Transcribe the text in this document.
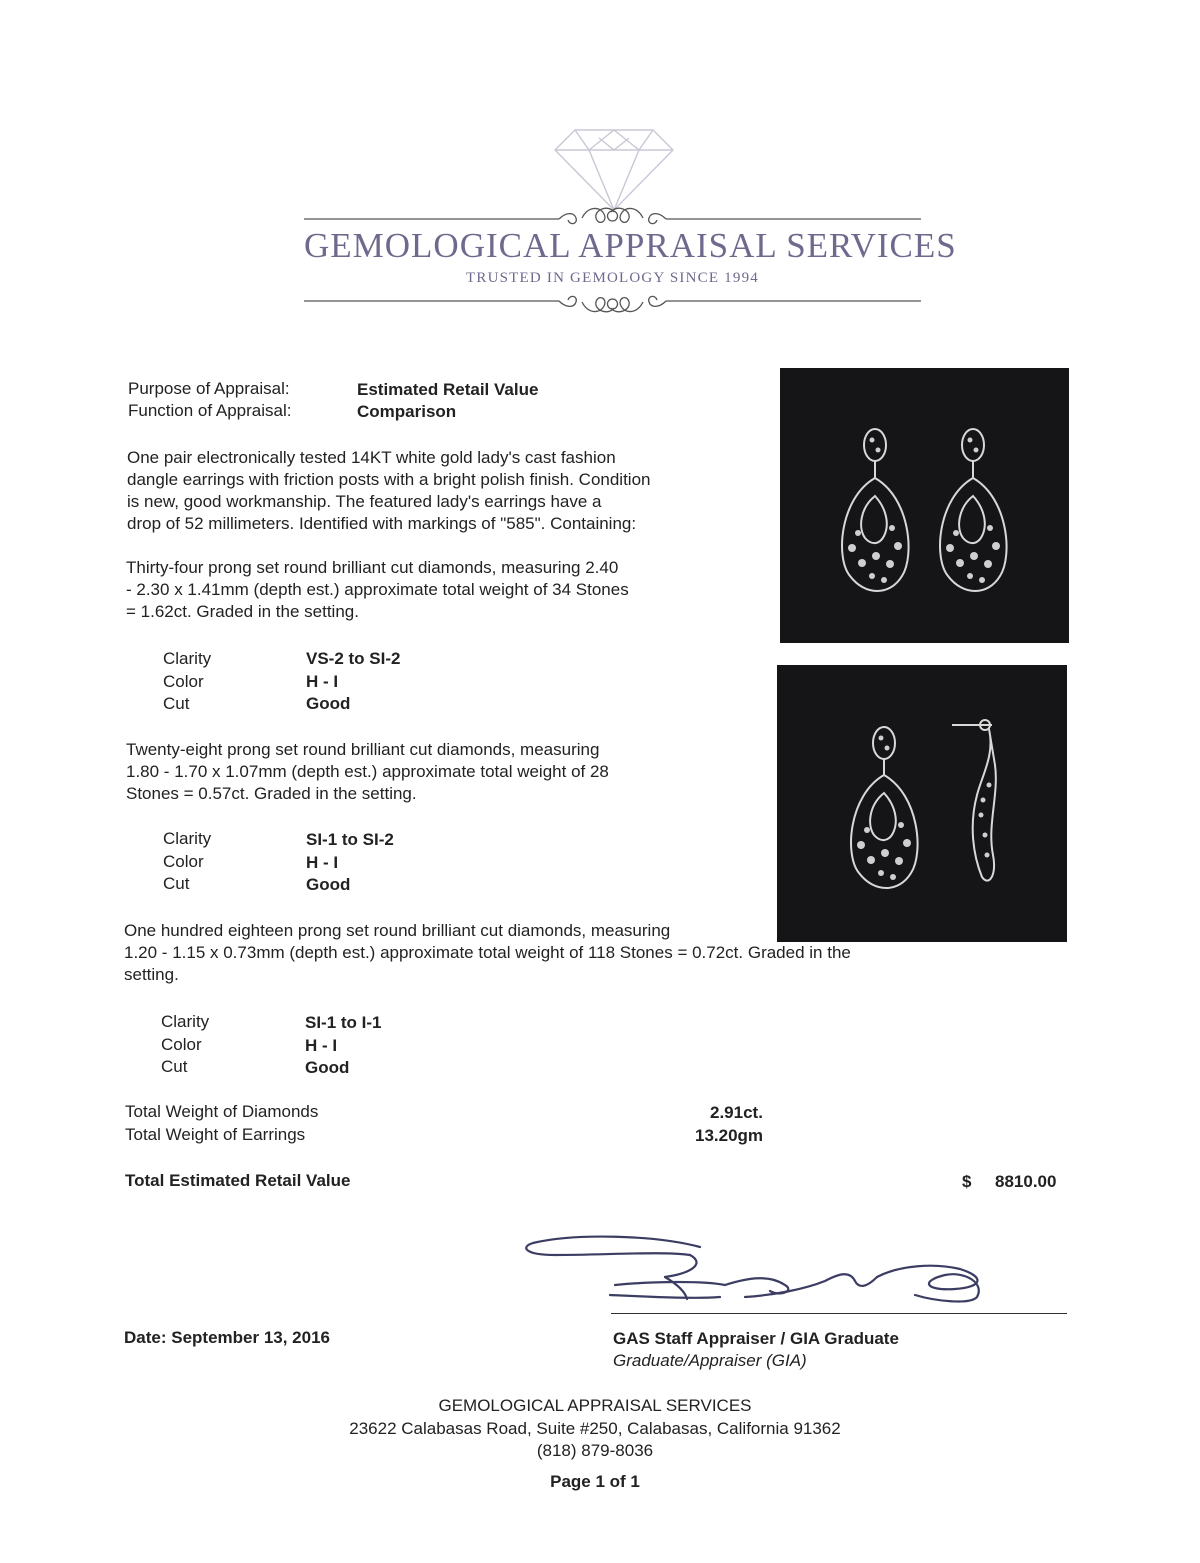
GEMOLOGICAL APPRAISAL SERVICES
TRUSTED IN GEMOLOGY SINCE 1994
Purpose of Appraisal:
Function of Appraisal:
Estimated Retail Value
Comparison
One pair electronically tested 14KT white gold lady's cast fashion
dangle earrings with friction posts with a bright polish finish. Condition
is new, good workmanship. The featured lady's earrings have a
drop of 52 millimeters. Identified with markings of "585". Containing:
Thirty-four prong set round brilliant cut diamonds, measuring 2.40
- 2.30 x 1.41mm (depth est.) approximate total weight of 34 Stones
= 1.62ct. Graded in the setting.
Clarity
Color
Cut
VS-2 to SI-2
H - I
Good
Twenty-eight prong set round brilliant cut diamonds, measuring
1.80 - 1.70 x 1.07mm (depth est.) approximate total weight of 28
Stones = 0.57ct. Graded in the setting.
Clarity
Color
Cut
SI-1 to SI-2
H - I
Good
One hundred eighteen prong set round brilliant cut diamonds, measuring
1.20 - 1.15 x 0.73mm (depth est.) approximate total weight of 118 Stones = 0.72ct. Graded in the
setting.
Clarity
Color
Cut
SI-1 to I-1
H - I
Good
Total Weight of Diamonds
Total Weight of Earrings
2.91ct.
13.20gm
Total Estimated Retail Value	$ 8810.00
Date: September 13, 2016	GAS Staff Appraiser / GIA Graduate
Graduate/Appraiser (GIA)
GEMOLOGICAL APPRAISAL SERVICES
23622 Calabasas Road, Suite #250, Calabasas, California 91362
(818) 879-8036
Page 1 of 1
